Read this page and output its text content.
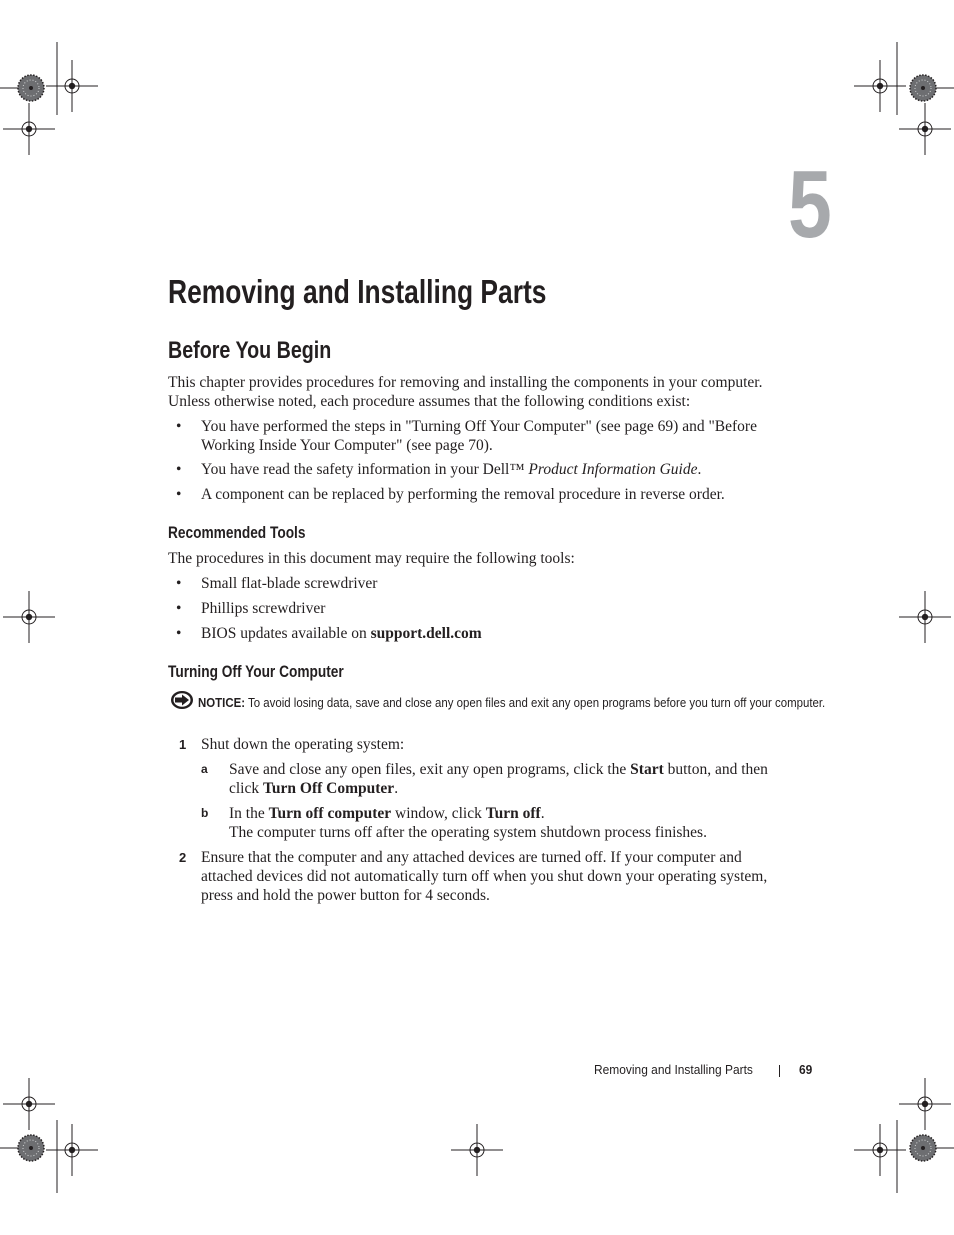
5
Removing and Installing Parts
Before You Begin
This chapter provides procedures for removing and installing the components in your computer. Unless otherwise noted, each procedure assumes that the following conditions exist:
• You have performed the steps in "Turning Off Your Computer" (see page 69) and "Before Working Inside Your Computer" (see page 70).
• You have read the safety information in your Dell™ Product Information Guide.
• A component can be replaced by performing the removal procedure in reverse order.
Recommended Tools
The procedures in this document may require the following tools:
• Small flat-blade screwdriver
• Phillips screwdriver
• BIOS updates available on support.dell.com
Turning Off Your Computer
NOTICE: To avoid losing data, save and close any open files and exit any open programs before you turn off your computer.
1 Shut down the operating system:
a Save and close any open files, exit any open programs, click the Start button, and then click Turn Off Computer.
b In the Turn off computer window, click Turn off.
The computer turns off after the operating system shutdown process finishes.
2 Ensure that the computer and any attached devices are turned off. If your computer and attached devices did not automatically turn off when you shut down your operating system, press and hold the power button for 4 seconds.
Removing and Installing Parts	69
